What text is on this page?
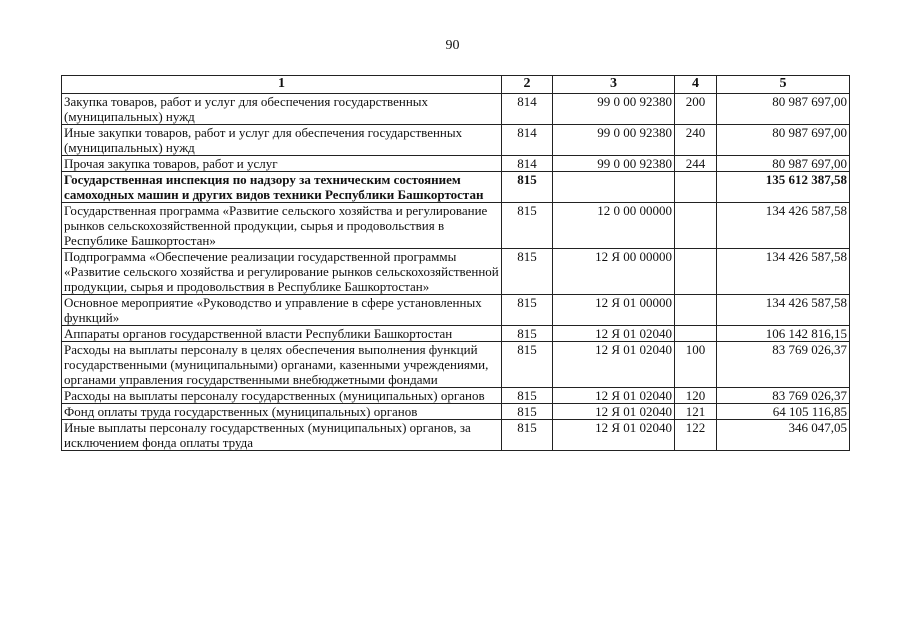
90
1	2	3	4	5
Закупка товаров, работ и услуг для обеспечения государственных (муниципальных) нужд	814	99 0 00 92380	200	80 987 697,00
Иные закупки товаров, работ и услуг для обеспечения государственных (муниципальных) нужд	814	99 0 00 92380	240	80 987 697,00
Прочая закупка товаров, работ и услуг	814	99 0 00 92380	244	80 987 697,00
Государственная инспекция по надзору за техническим состоянием самоходных машин и других видов техники Республики Башкортостан	815			135 612 387,58
Государственная программа «Развитие сельского хозяйства и регулирование рынков сельскохозяйственной продукции, сырья и продовольствия в Республике Башкортостан»	815	12 0 00 00000		134 426 587,58
Подпрограмма «Обеспечение реализации государственной программы «Развитие сельского хозяйства и регулирование рынков сельскохозяйственной продукции, сырья и продовольствия в Республике Башкортостан»	815	12 Я 00 00000		134 426 587,58
Основное мероприятие «Руководство и управление в сфере установленных функций»	815	12 Я 01 00000		134 426 587,58
Аппараты органов государственной власти Республики Башкортостан	815	12 Я 01 02040		106 142 816,15
Расходы на выплаты персоналу в целях обеспечения выполнения функций государственными (муниципальными) органами, казенными учреждениями, органами управления государственными внебюджетными фондами	815	12 Я 01 02040	100	83 769 026,37
Расходы на выплаты персоналу государственных (муниципальных) органов	815	12 Я 01 02040	120	83 769 026,37
Фонд оплаты труда государственных (муниципальных) органов	815	12 Я 01 02040	121	64 105 116,85
Иные выплаты персоналу государственных (муниципальных) органов, за исключением фонда оплаты труда	815	12 Я 01 02040	122	346 047,05
